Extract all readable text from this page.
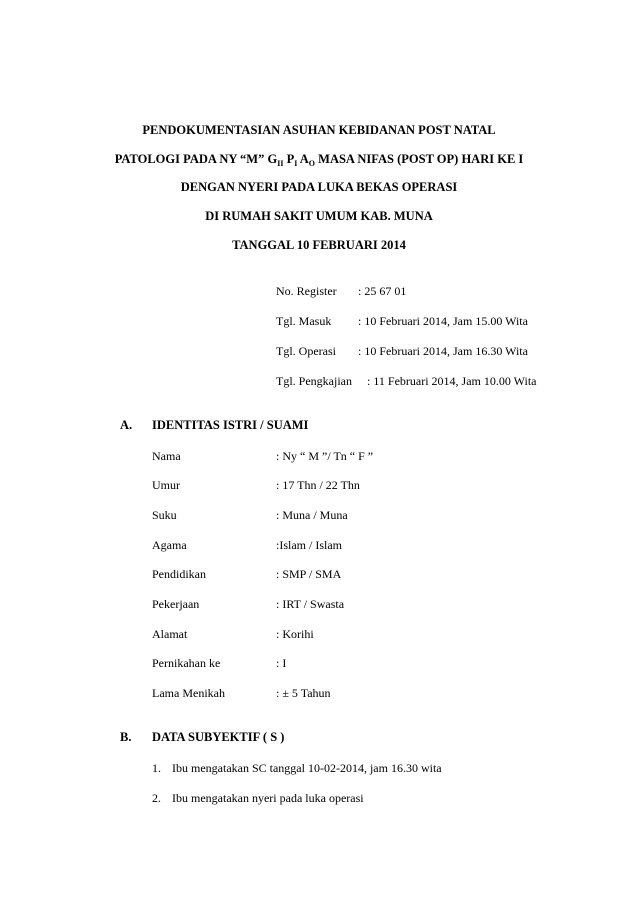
PENDOKUMENTASIAN ASUHAN KEBIDANAN POST NATAL
PATOLOGI PADA NY “M” $G_{II}$ $P_I$ $A_O$ MASA NIFAS (POST OP) HARI KE I
DENGAN NYERI PADA LUKA BEKAS OPERASI
DI RUMAH SAKIT UMUM KAB. MUNA
TANGGAL 10 FEBRUARI 2014
No. Register : 25 67 01
Tgl. Masuk : 10 Februari 2014, Jam 15.00 Wita
Tgl. Operasi : 10 Februari 2014, Jam 16.30 Wita
Tgl. Pengkajian: 11 Februari 2014, Jam 10.00 Wita
A. IDENTITAS ISTRI / SUAMI
Nama	: Ny “ M ”/ Tn “ F ”
Umur	: 17 Thn / 22 Thn
Suku	: Muna / Muna
Agama	:Islam / Islam
Pendidikan	: SMP / SMA
Pekerjaan	: IRT / Swasta
Alamat	: Korihi
Pernikahan ke	: I
Lama Menikah	: ± 5 Tahun
B. DATA SUBYEKTIF ( S )
1. Ibu mengatakan SC tanggal 10-02-2014, jam 16.30 wita
2. Ibu mengatakan nyeri pada luka operasi
